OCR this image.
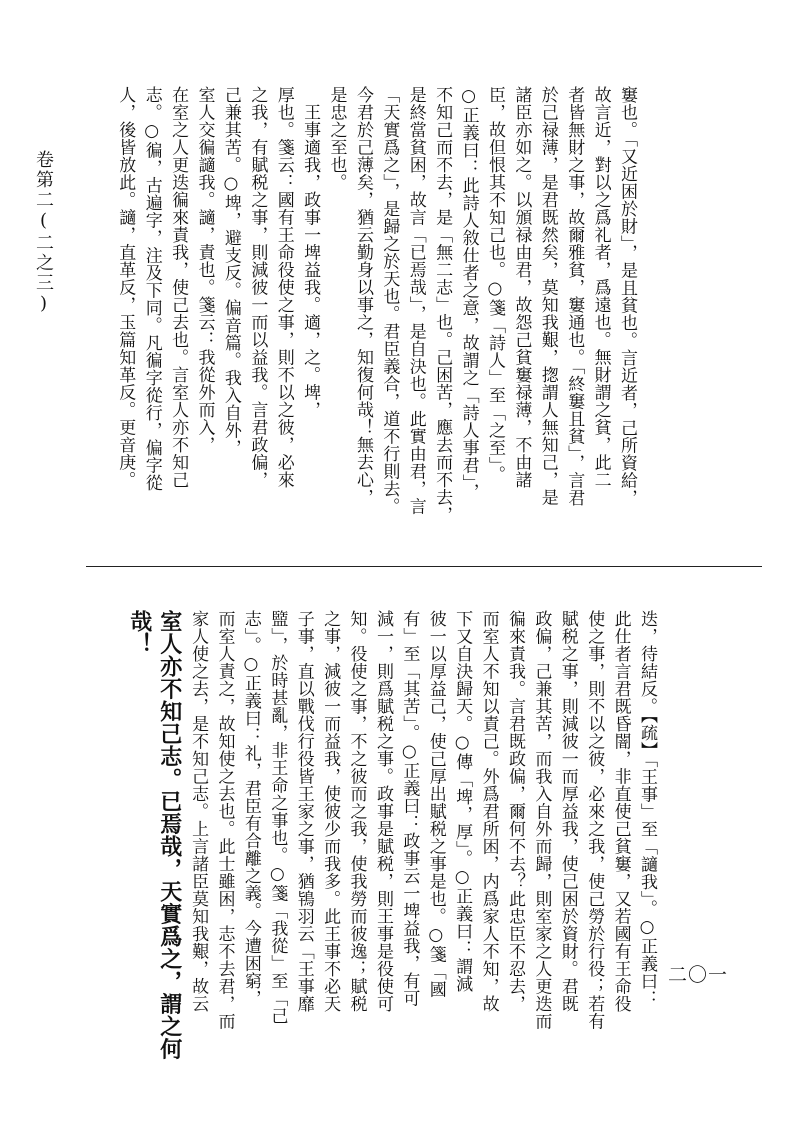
卷第二(二之三)	窶也。「又近困於財」，是且貧也。言近者，己所資給，
故言近，對以之爲礼者，爲遠也。無財謂之貧，此二
者皆無財之事，故爾雅貧，窶通也。「終窶且貧」，言君
於己禄薄，是君既然矣，莫知我艱，揔謂人無知己，是
諸臣亦如之。以頒禄由君，故怨己貧窶禄薄，不由諸
臣，故但恨其不知己也。○箋「詩人」至「之至」。
○正義曰：此詩人敘仕者之意，故謂之「詩人事君」，
不知己而不去，是「無二志」也。己困苦，應去而不去，
是終當貧困，故言「已焉哉」，是自決也。此實由君，言
「天實爲之」，是歸之於天也。君臣義合，道不行則去。
今君於己薄矣，猶云勤身以事之，知復何哉！無去心，
是忠之至也。
　王事適我，政事一埤益我。適，之。埤，
厚也。箋云：國有王命役使之事，則不以之彼，必來
之我，有賦税之事，則減彼一而以益我。言君政偏，
己兼其苦。○埤，避支反。偏音篇。我入自外，
室人交徧讁我。讁，責也。箋云：我從外而入，
在室之人更迭徧來責我，使己去也。言室人亦不知己
志。○徧，古遍字，注及下同。凡徧字從行，偏字從
人，後皆放此。讁，直革反，玉篇知革反。更音庚。
迭，待結反。【疏】「王事」至「讁我」。○正義曰：
此仕者言君既昏闇，非直使己貧窶，又若國有王命役
使之事，則不以之彼，必來之我，使己勞於行役；若有
賦税之事，則減彼一而厚益我，使己困於資財。君既
政偏，己兼其苦，而我入自外而歸，則室家之人更迭而
徧來責我。言君既政偏，爾何不去？此忠臣不忍去，
而室人不知以責己。外爲君所困，内爲家人不知，故
下又自決歸天。○傳「埤，厚」。○正義曰：謂減
彼一以厚益己，使己厚出賦税之事是也。○箋「國
有」至「其苦」。○正義曰：政事云一埤益我，有可
減一，則爲賦税之事。政事是賦税，則王事是役使可
知。役使之事，不之彼而之我，使我勞而彼逸；賦税
之事，減彼一而益我，使彼少而我多。此王事不必天
子事，直以戰伐行役皆王家之事，猶鴇羽云「王事靡
盬」，於時甚亂，非王命之事也。○箋「我從」至「己
志」。○正義曰：礼，君臣有合離之義。今遭困窮，
而室人責之，故知使之去也。此士雖困，志不去君，而
家人使之去，是不知己志。上言諸臣莫知我艱，故云
室人亦不知己志。已焉哉，天實爲之，謂之何
哉！
二〇一
